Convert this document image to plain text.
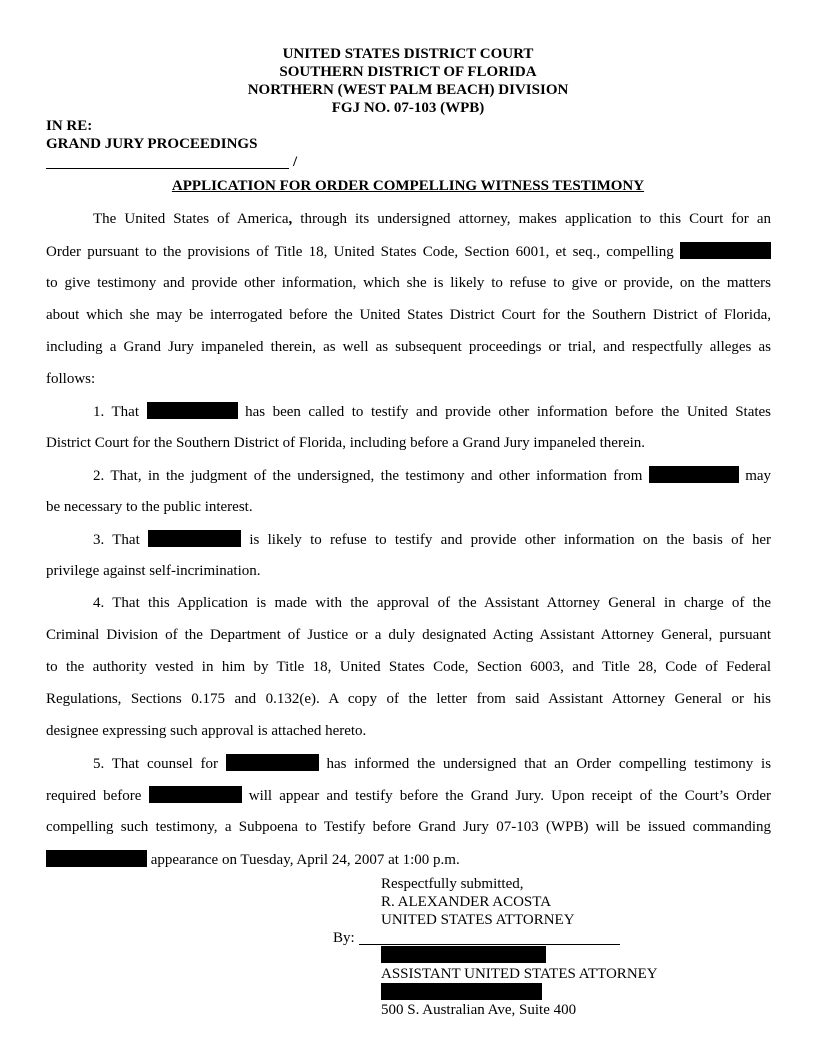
UNITED STATES DISTRICT COURT
SOUTHERN DISTRICT OF FLORIDA
NORTHERN (WEST PALM BEACH) DIVISION
FGJ NO. 07-103 (WPB)
IN RE:
GRAND JURY PROCEEDINGS
/
APPLICATION FOR ORDER COMPELLING WITNESS TESTIMONY
The United States of America, through its undersigned attorney, makes application to this Court for an
Order pursuant to the provisions of Title 18, United States Code, Section 6001, et seq., compelling
to give testimony and provide other information, which she is likely to refuse to give or provide, on the matters
about which she may be interrogated before the United States District Court for the Southern District of Florida,
including a Grand Jury impaneled therein, as well as subsequent proceedings or trial, and respectfully alleges as
follows:
1. That	has been called to testify and provide other information before the United States
District Court for the Southern District of Florida, including before a Grand Jury impaneled therein.
2. That, in the judgment of the undersigned, the testimony and other information from	may
be necessary to the public interest.
3. That	is likely to refuse to testify and provide other information on the basis of her
privilege against self-incrimination.
4. That this Application is made with the approval of the Assistant Attorney General in charge of the
Criminal Division of the Department of Justice or a duly designated Acting Assistant Attorney General, pursuant
to the authority vested in him by Title 18, United States Code, Section 6003, and Title 28, Code of Federal
Regulations, Sections 0.175 and 0.132(e). A copy of the letter from said Assistant Attorney General or his
designee expressing such approval is attached hereto.
5. That counsel for	has informed the undersigned that an Order compelling testimony is
required before	will appear and testify before the Grand Jury. Upon receipt of the Court’s Order
compelling such testimony, a Subpoena to Testify before Grand Jury 07-103 (WPB) will be issued commanding
appearance on Tuesday, April 24, 2007 at 1:00 p.m.
Respectfully submitted,
R. ALEXANDER ACOSTA
UNITED STATES ATTORNEY
By:
ASSISTANT UNITED STATES ATTORNEY
500 S. Australian Ave, Suite 400
